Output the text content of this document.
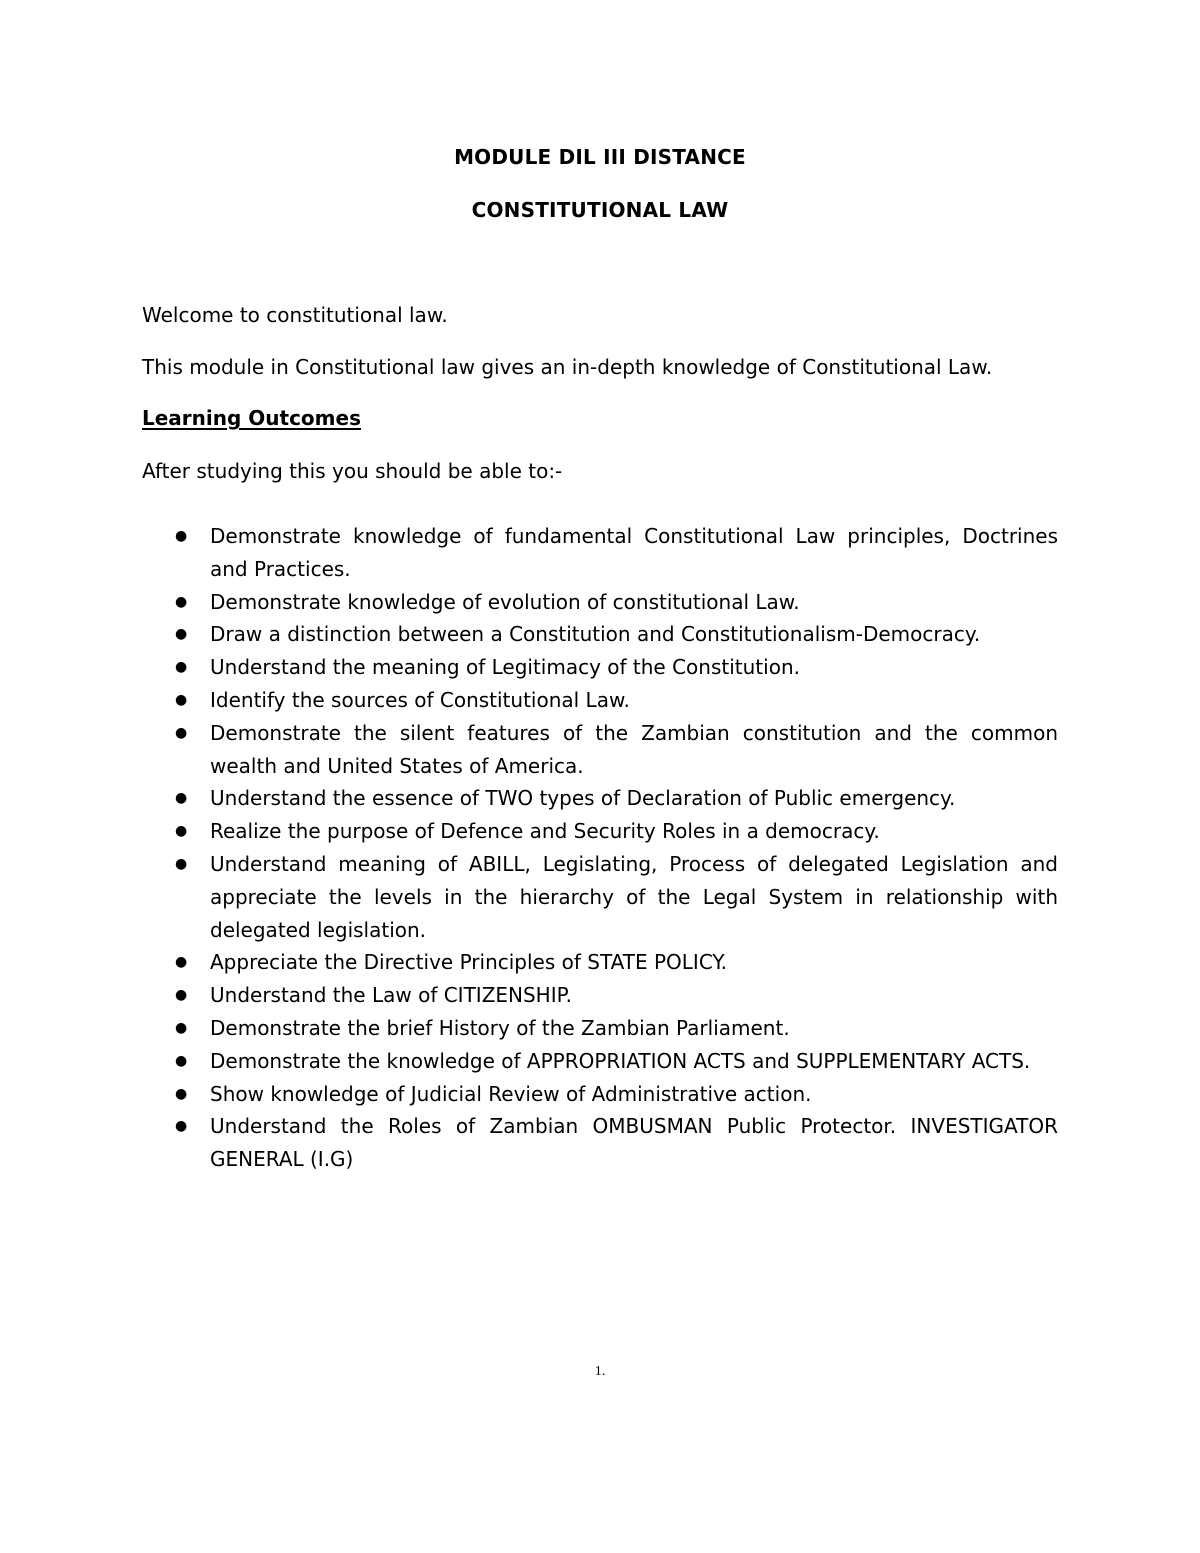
MODULE DIL III DISTANCE
CONSTITUTIONAL LAW
Welcome to constitutional law.
This module in Constitutional law gives an in-depth knowledge of Constitutional Law.
Learning Outcomes
After studying this you should be able to:-
● Demonstrate knowledge of fundamental Constitutional Law principles, Doctrines and Practices.
● Demonstrate knowledge of evolution of constitutional Law.
● Draw a distinction between a Constitution and Constitutionalism-Democracy.
● Understand the meaning of Legitimacy of the Constitution.
● Identify the sources of Constitutional Law.
● Demonstrate the silent features of the Zambian constitution and the common wealth and United States of America.
● Understand the essence of TWO types of Declaration of Public emergency.
● Realize the purpose of Defence and Security Roles in a democracy.
● Understand meaning of ABILL, Legislating, Process of delegated Legislation and appreciate the levels in the hierarchy of the Legal System in relationship with delegated legislation.
● Appreciate the Directive Principles of STATE POLICY.
● Understand the Law of CITIZENSHIP.
● Demonstrate the brief History of the Zambian Parliament.
● Demonstrate the knowledge of APPROPRIATION ACTS and SUPPLEMENTARY ACTS.
● Show knowledge of Judicial Review of Administrative action.
● Understand the Roles of Zambian OMBUSMAN Public Protector. INVESTIGATOR GENERAL (I.G)
1.
